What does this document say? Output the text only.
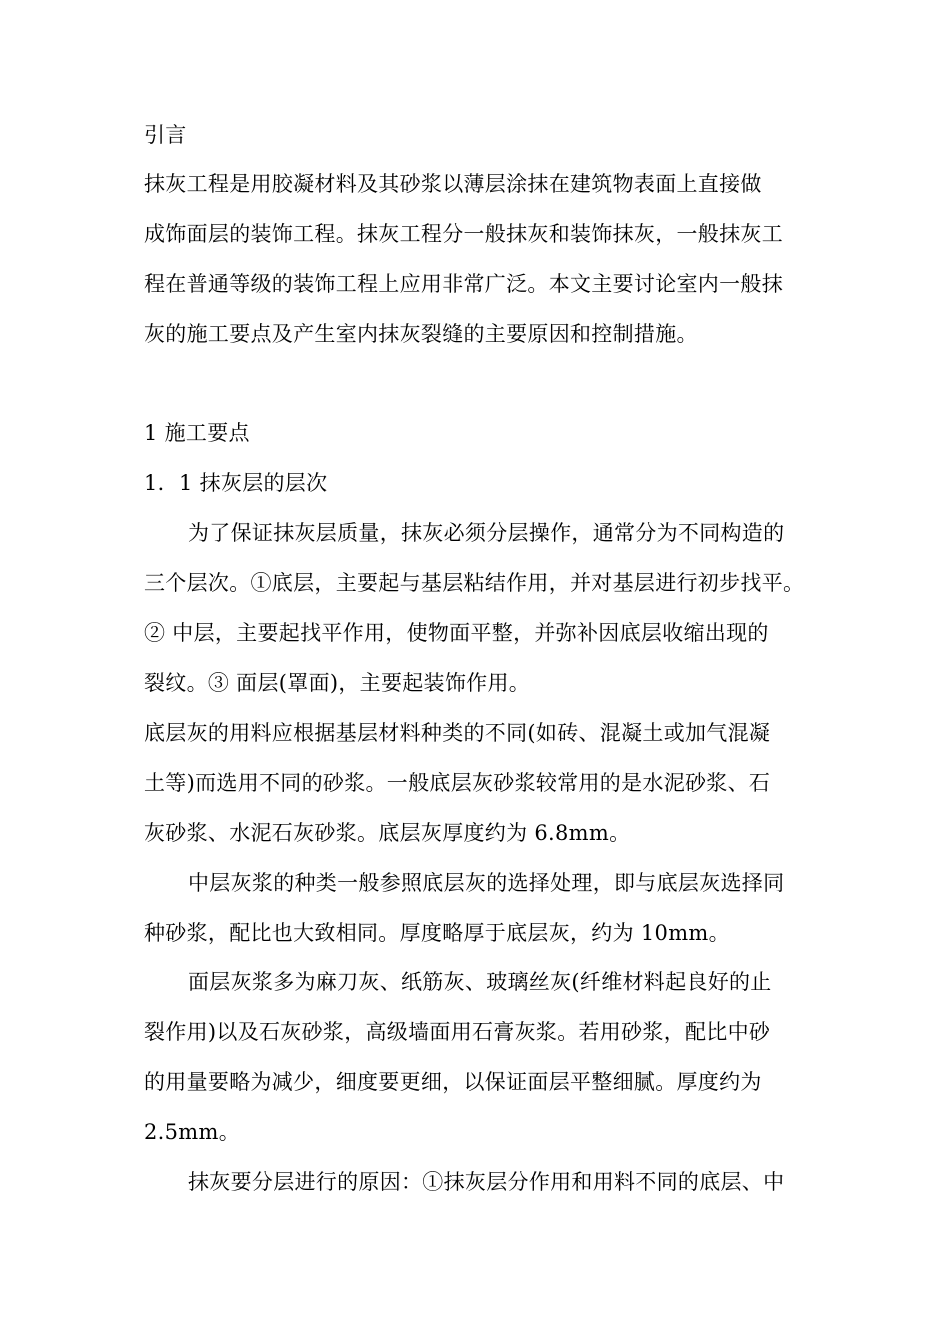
引言
抹灰工程是用胶凝材料及其砂浆以薄层涂抹在建筑物表面上直接做
成饰面层的装饰工程。抹灰工程分一般抹灰和装饰抹灰，一般抹灰工
程在普通等级的装饰工程上应用非常广泛。本文主要讨论室内一般抹
灰的施工要点及产生室内抹灰裂缝的主要原因和控制措施。
1 施工要点
1．1 抹灰层的层次
为了保证抹灰层质量，抹灰必须分层操作，通常分为不同构造的
三个层次。①底层，主要起与基层粘结作用，并对基层进行初步找平。
② 中层，主要起找平作用，使物面平整，并弥补因底层收缩出现的
裂纹。③ 面层(罩面)，主要起装饰作用。
底层灰的用料应根据基层材料种类的不同(如砖、混凝土或加气混凝
土等)而选用不同的砂浆。一般底层灰砂浆较常用的是水泥砂浆、石
灰砂浆、水泥石灰砂浆。底层灰厚度约为 6.8mm。
中层灰浆的种类一般参照底层灰的选择处理，即与底层灰选择同
种砂浆，配比也大致相同。厚度略厚于底层灰，约为 10mm。
面层灰浆多为麻刀灰、纸筋灰、玻璃丝灰(纤维材料起良好的止
裂作用)以及石灰砂浆，高级墙面用石膏灰浆。若用砂浆，配比中砂
的用量要略为减少，细度要更细，以保证面层平整细腻。厚度约为
2.5mm。
抹灰要分层进行的原因：①抹灰层分作用和用料不同的底层、中
